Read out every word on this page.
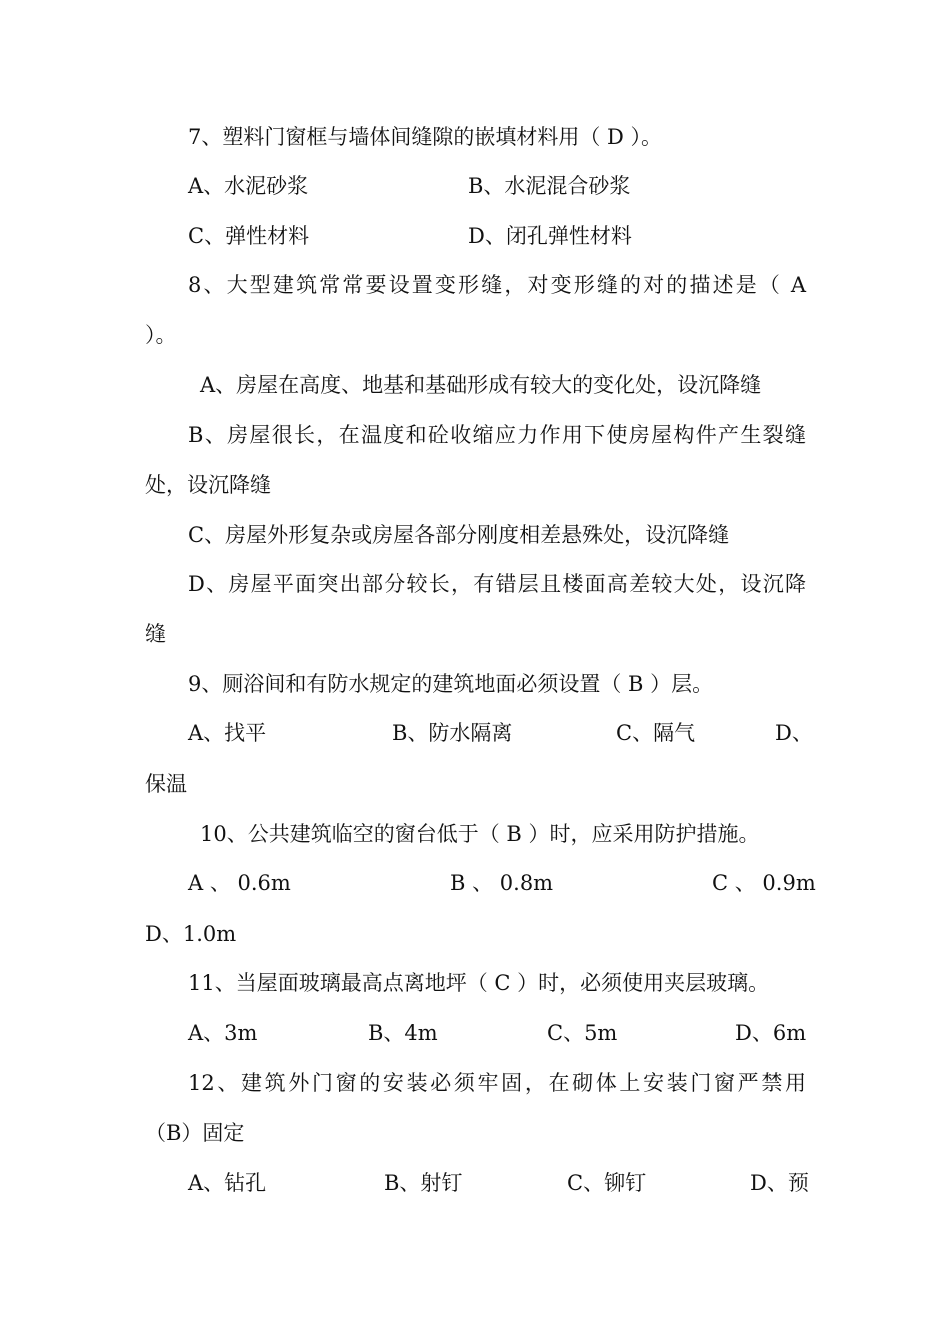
7、塑料门窗框与墙体间缝隙的嵌填材料用（ D ）。
A、水泥砂浆	B、水泥混合砂浆
C、弹性材料	D、闭孔弹性材料
8、大型建筑常常要设置变形缝，对变形缝的对的描述是（ A
）。
A、房屋在高度、地基和基础形成有较大的变化处，设沉降缝
B、房屋很长，在温度和砼收缩应力作用下使房屋构件产生裂缝
处，设沉降缝
C、房屋外形复杂或房屋各部分刚度相差悬殊处，设沉降缝
D、房屋平面突出部分较长，有错层且楼面高差较大处，设沉降
缝
9、厕浴间和有防水规定的建筑地面必须设置（ B ）层。
A、找平	B、防水隔离	C、隔气	D、
保温
10、公共建筑临空的窗台低于（ B ）时，应采用防护措施。
A 、 0.6m	B 、 0.8m	C 、 0.9m
D、1.0m
11、当屋面玻璃最高点离地坪（ C ）时，必须使用夹层玻璃。
A、3m	B、4m	C、5m	D、6m
12、建筑外门窗的安装必须牢固，在砌体上安装门窗严禁用
（B）固定
A、钻孔	B、射钉	C、铆钉	D、预
